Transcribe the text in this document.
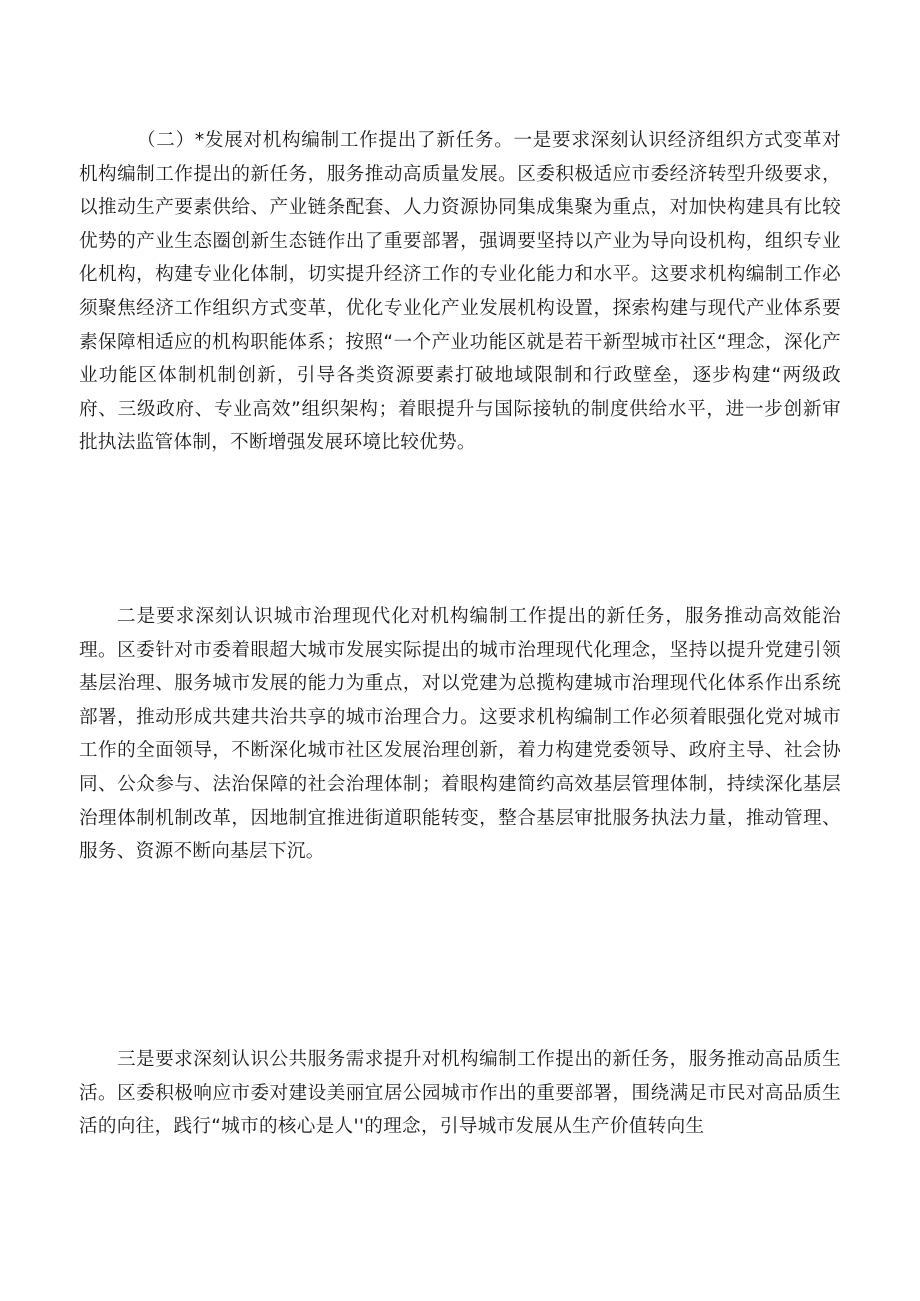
（二）*发展对机构编制工作提出了新任务。一是要求深刻认识经济组织方式变革对机构编制工作提出的新任务，服务推动高质量发展。区委积极适应市委经济转型升级要求，以推动生产要素供给、产业链条配套、人力资源协同集成集聚为重点，对加快构建具有比较优势的产业生态圈创新生态链作出了重要部署，强调要坚持以产业为导向设机构，组织专业化机构，构建专业化体制，切实提升经济工作的专业化能力和水平。这要求机构编制工作必须聚焦经济工作组织方式变革，优化专业化产业发展机构设置，探索构建与现代产业体系要素保障相适应的机构职能体系；按照“一个产业功能区就是若干新型城市社区“理念，深化产业功能区体制机制创新，引导各类资源要素打破地域限制和行政壁垒，逐步构建“两级政府、三级政府、专业高效”组织架构；着眼提升与国际接轨的制度供给水平，进一步创新审批执法监管体制，不断增强发展环境比较优势。

二是要求深刻认识城市治理现代化对机构编制工作提出的新任务，服务推动高效能治理。区委针对市委着眼超大城市发展实际提出的城市治理现代化理念，坚持以提升党建引领基层治理、服务城市发展的能力为重点，对以党建为总揽构建城市治理现代化体系作出系统部署，推动形成共建共治共享的城市治理合力。这要求机构编制工作必须着眼强化党对城市工作的全面领导，不断深化城市社区发展治理创新，着力构建党委领导、政府主导、社会协同、公众参与、法治保障的社会治理体制；着眼构建简约高效基层管理体制，持续深化基层治理体制机制改革，因地制宜推进街道职能转变，整合基层审批服务执法力量，推动管理、服务、资源不断向基层下沉。

三是要求深刻认识公共服务需求提升对机构编制工作提出的新任务，服务推动高品质生活。区委积极响应市委对建设美丽宜居公园城市作出的重要部署，围绕满足市民对高品质生活的向往，践行“城市的核心是人''的理念，引导城市发展从生产价值转向生
